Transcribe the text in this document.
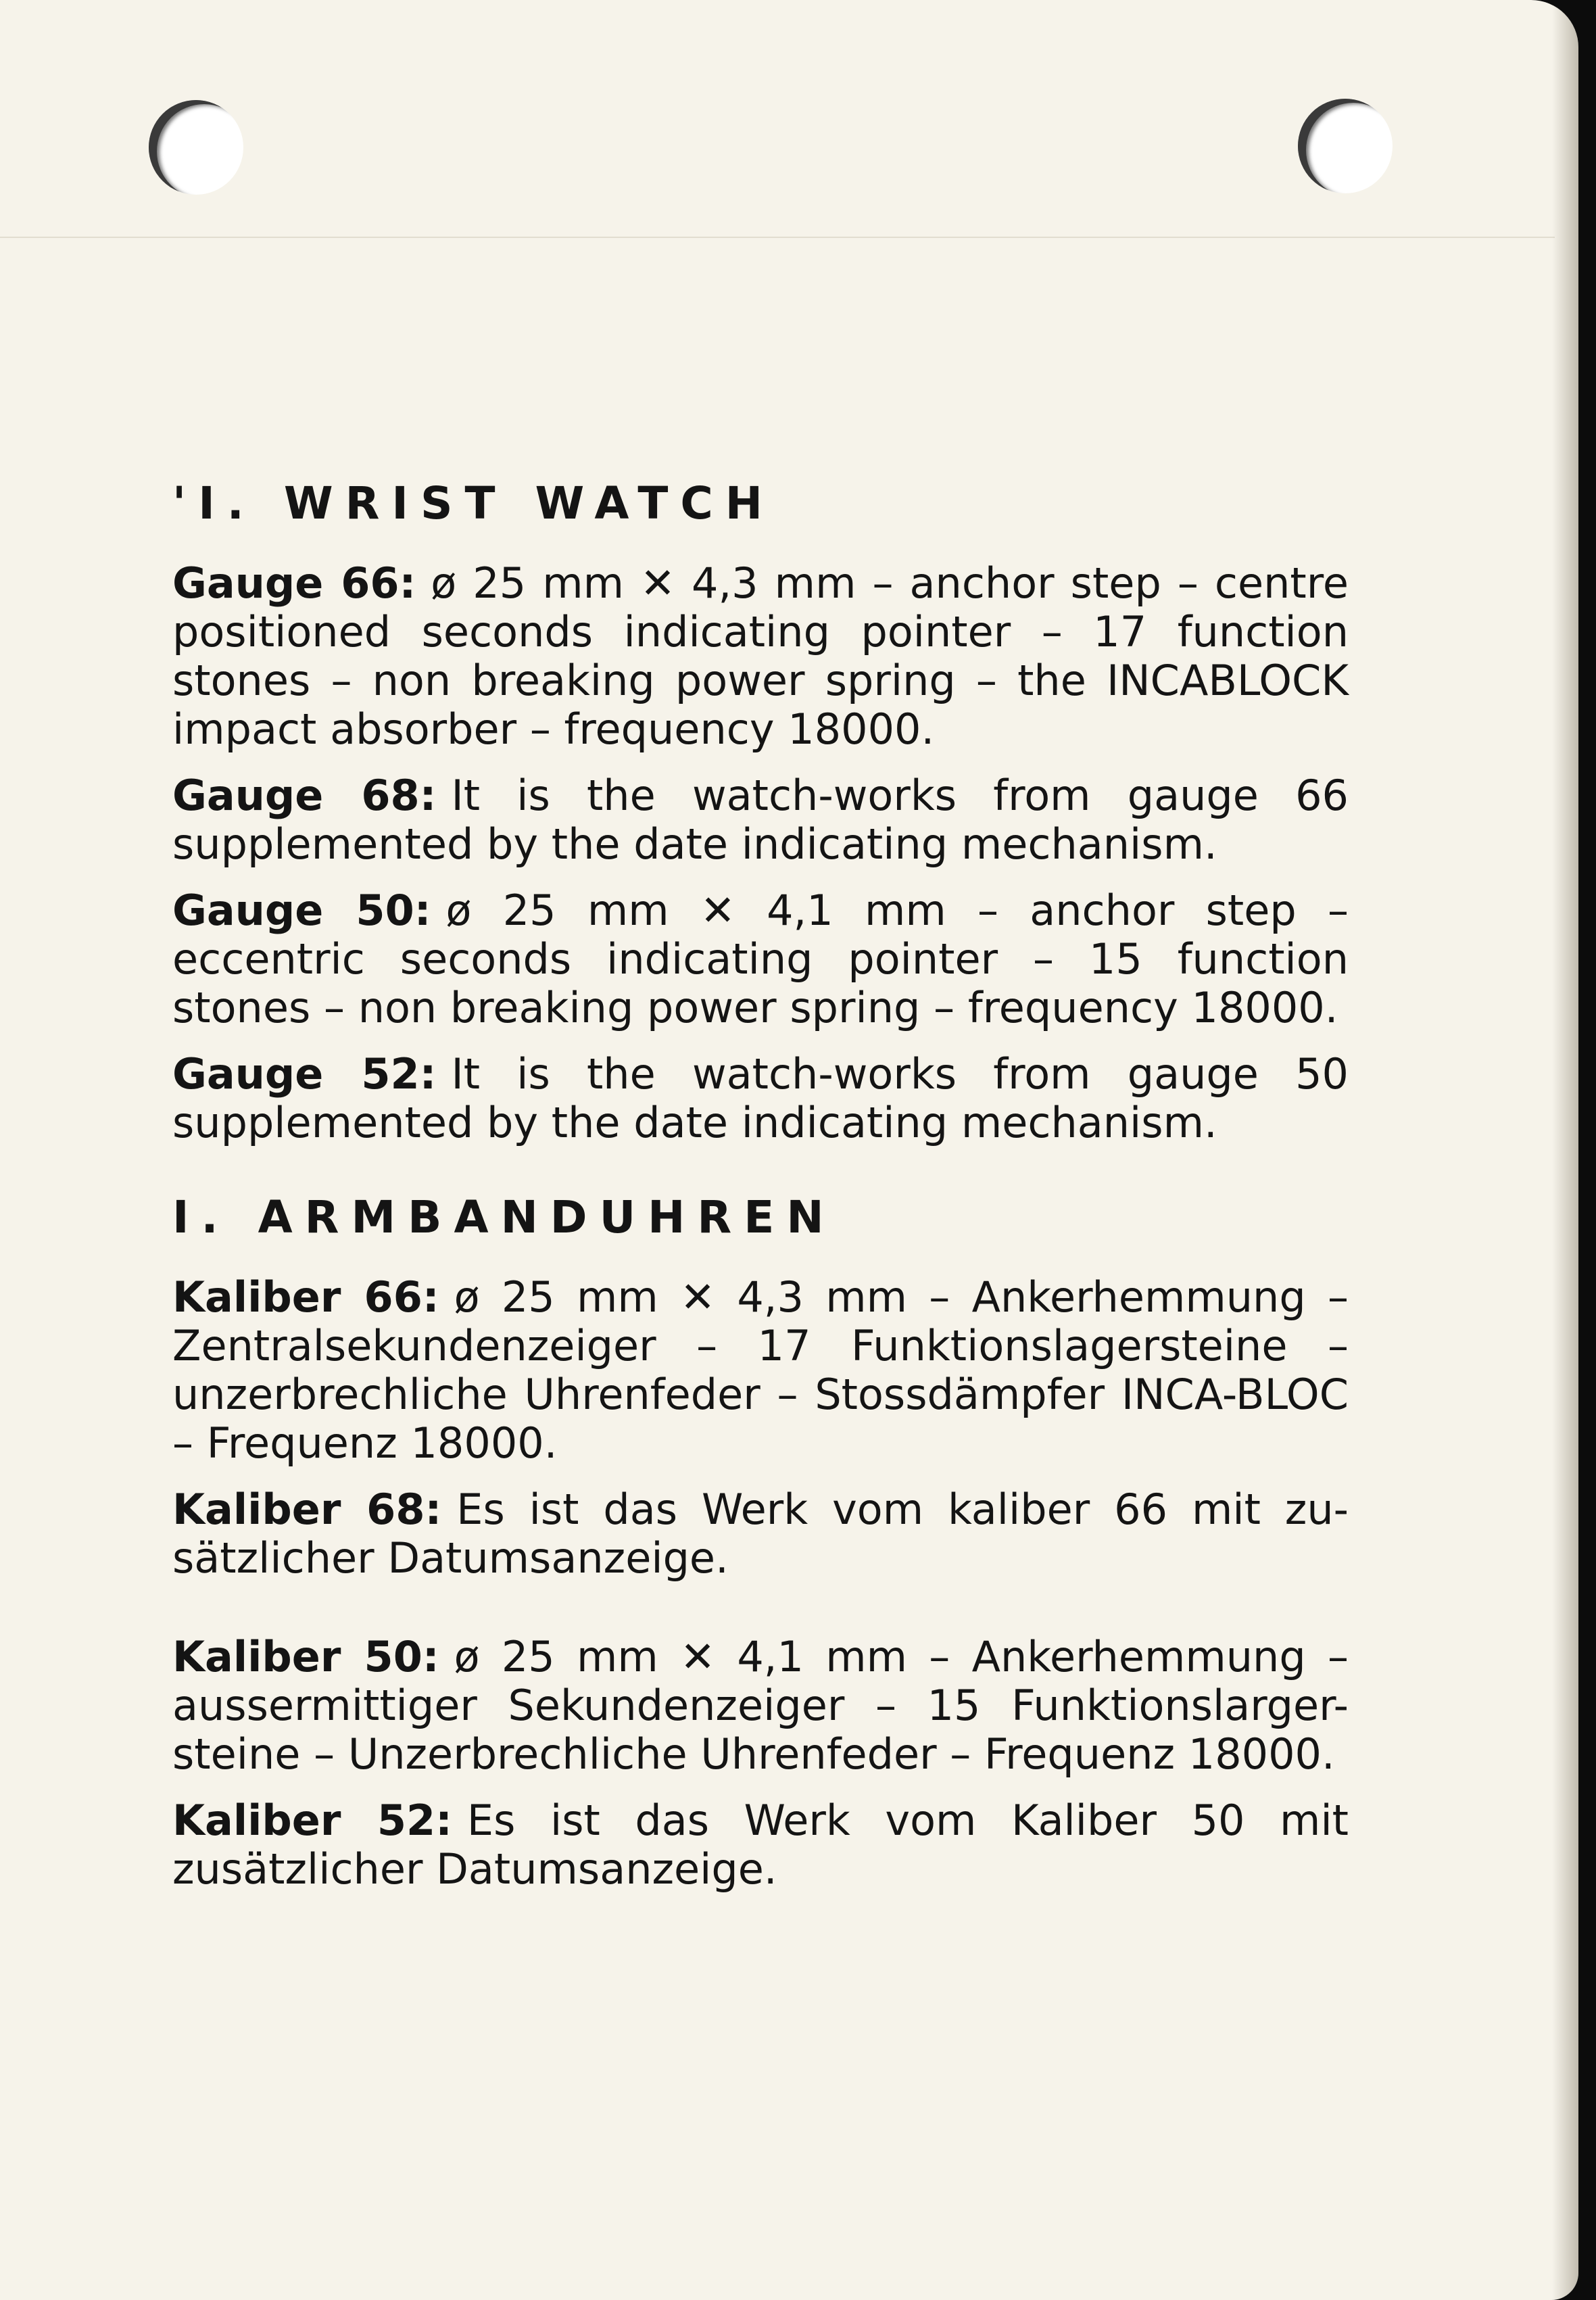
'I. WRIST WATCH

Gauge 66: ø 25 mm ✕ 4,3 mm – anchor step – centre positioned seconds indicating pointer – 17 function stones – non breaking power spring – the INCABLOCK impact absorber – frequency 18000.

Gauge 68: It is the watch-works from gauge 66 supplemented by the date indicating mechanism.

Gauge 50: ø 25 mm ✕ 4,1 mm – anchor step – eccentric seconds indicating pointer – 15 function stones – non breaking power spring – frequency 18000.

Gauge 52: It is the watch-works from gauge 50 supplemented by the date indicating mechanism.

I. ARMBANDUHREN

Kaliber 66: ø 25 mm ✕ 4,3 mm – Ankerhemmung – Zentralsekundenzeiger – 17 Funktionslagersteine – unzerbrechliche Uhrenfeder – Stossdämpfer INCA-BLOC – Frequenz 18000.

Kaliber 68: Es ist das Werk vom kaliber 66 mit zu-sätzlicher Datumsanzeige.

Kaliber 50: ø 25 mm ✕ 4,1 mm – Ankerhemmung – aussermittiger Sekundenzeiger – 15 Funktionslarger-steine – Unzerbrechliche Uhrenfeder – Frequenz 18000.

Kaliber 52: Es ist das Werk vom Kaliber 50 mit zusätzlicher Datumsanzeige.
